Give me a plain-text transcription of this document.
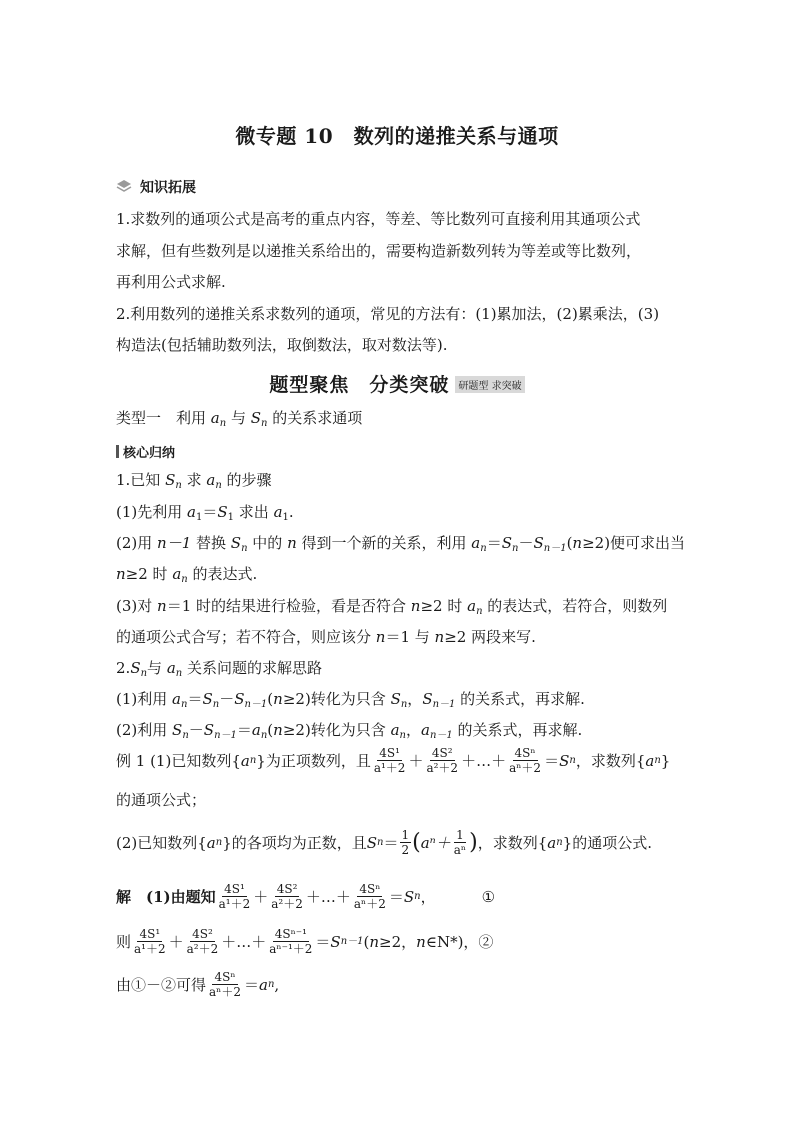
微专题 10　数列的递推关系与通项
知识拓展
1.求数列的通项公式是高考的重点内容，等差、等比数列可直接利用其通项公式
求解，但有些数列是以递推关系给出的，需要构造新数列转为等差或等比数列，
再利用公式求解.
2.利用数列的递推关系求数列的通项，常见的方法有：(1)累加法，(2)累乘法，(3)
构造法(包括辅助数列法，取倒数法，取对数法等).
题型聚焦　分类突破 研题型 求突破
类型一　利用 $a_n$ 与 $S_n$ 的关系求通项
核心归纳
1.已知 $S_n$ 求 $a_n$ 的步骤
(1)先利用 $a_1=S_1$ 求出 $a_1$.
(2)用 n－1 替换 $S_n$ 中的 n 得到一个新的关系，利用 $a_n=S_n-S_{n-1}(n\ge 2)$便可求出当
n≥2 时 $a_n$ 的表达式.
(3)对 n＝1 时的结果进行检验，看是否符合 n≥2 时 $a_n$ 的表达式，若符合，则数列
的通项公式合写；若不符合，则应该分 n＝1 与 n≥2 两段来写.
$2.S_n$与 $a_n$ 关系问题的求解思路
(1)利用 $a_n=S_n-S_{n-1}(n\ge 2)$转化为只含 $S_n$，$S_{n-1}$ 的关系式，再求解.
(2)利用 $S_n-S_{n-1}=a_n(n\ge 2)$转化为只含 $a_n$，$a_{n-1}$ 的关系式，再求解.
例 1 (1)已知数列{ a n }为正项数列，且 $\frac{\text{4S¹}}{\text{a¹＋2}} + \frac{\text{4S²}}{\text{a²＋2}}$ ＋…＋ $\frac{\text{4Sⁿ}}{\text{aⁿ＋2}} = S$ n ，求数列{ a n }
的通项公式；
(2)已知数列{ a n }的各项均为正数，且 S $n = \frac{1}{2}$ ( $a^n+ \frac{1}{\text{aⁿ}}$ ) ，求数列{ a n }的通项公式.
解　(1)由题知 $\frac{\text{4S¹}}{\text{a¹＋2}} + \frac{\text{4S²}}{\text{a²＋2}}$ ＋…＋ $\frac{\text{4Sⁿ}}{\text{aⁿ＋2}} = S$ n ，	①
则 $\frac{\text{4S¹}}{\text{a¹＋2}} + \frac{\text{4S²}}{\text{a²＋2}}$ ＋…＋ $\frac{\text{4Sⁿ⁻¹}}{\text{aⁿ⁻¹＋2}} = S$ n－1 ( n ≥2， n ∈N*)，②
由①－②可得 $\frac{\text{4Sⁿ}}{\text{aⁿ＋2}} = a$ n ,
